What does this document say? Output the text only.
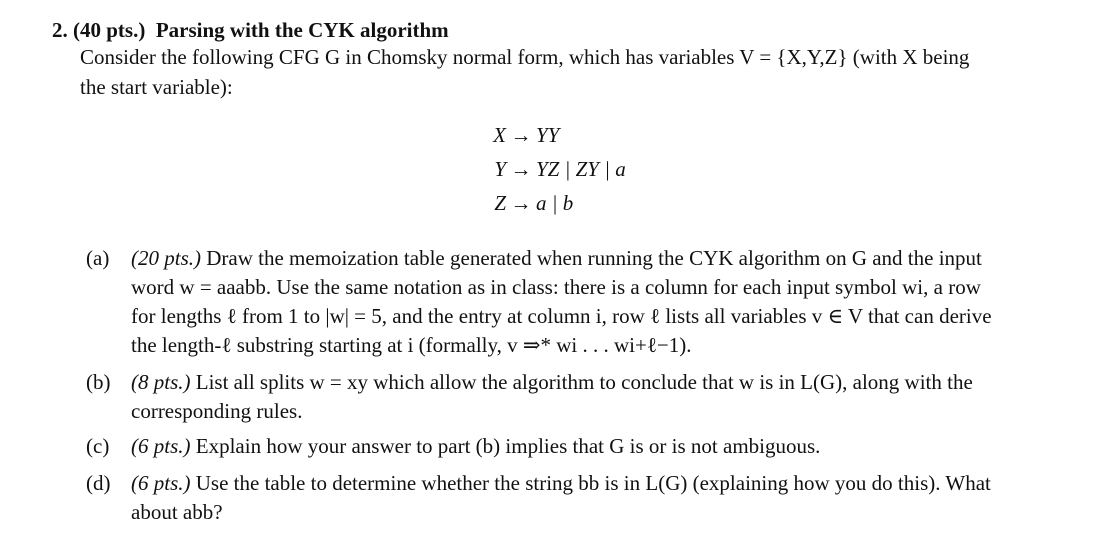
2. (40 pts.) Parsing with the CYK algorithm
Consider the following CFG G in Chomsky normal form, which has variables V = {X,Y,Z} (with X being
the start variable):
X → YY
Y → YZ | ZY | a
Z → a | b
(a) (20 pts.) Draw the memoization table generated when running the CYK algorithm on G and the input
word w = aaabb. Use the same notation as in class: there is a column for each input symbol wi, a row
for lengths ℓ from 1 to |w| = 5, and the entry at column i, row ℓ lists all variables v ∈ V that can derive
the length-ℓ substring starting at i (formally, v ⇒* wi . . . wi+ℓ−1).
(b) (8 pts.) List all splits w = xy which allow the algorithm to conclude that w is in L(G), along with the
corresponding rules.
(c) (6 pts.) Explain how your answer to part (b) implies that G is or is not ambiguous.
(d) (6 pts.) Use the table to determine whether the string bb is in L(G) (explaining how you do this). What
about abb?
